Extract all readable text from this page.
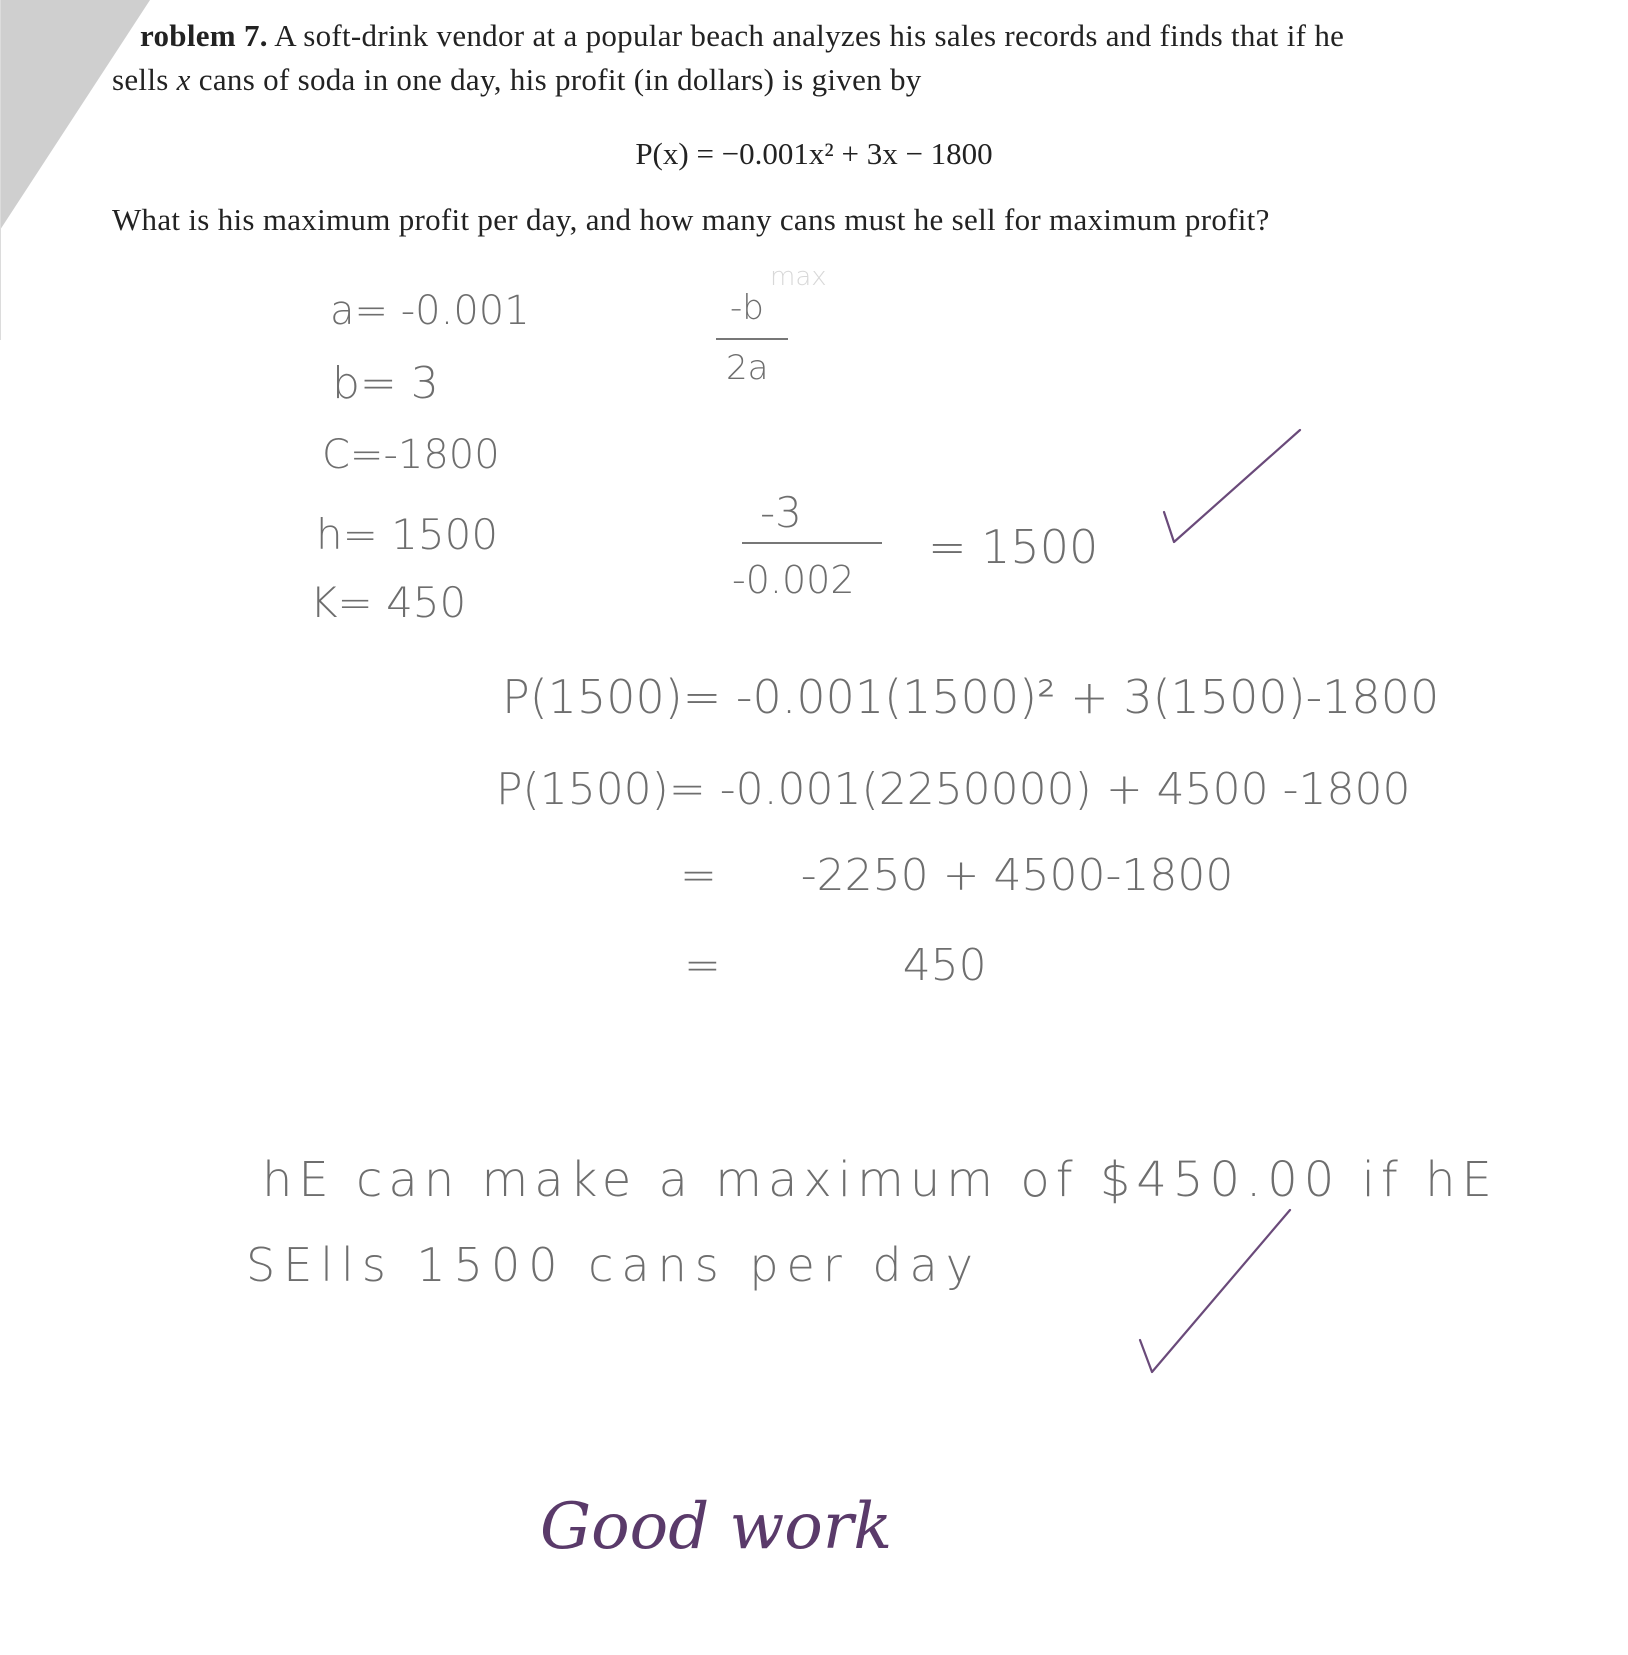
roblem 7. A soft-drink vendor at a popular beach analyzes his sales records and finds that if he
sells x cans of soda in one day, his profit (in dollars) is given by
P(x) = −0.001x² + 3x − 1800
What is his maximum profit per day, and how many cans must he sell for maximum profit?
a= -0.001
b= 3
C=-1800
h= 1500
K= 450
-b
max
2a
-3
-0.002
= 1500
P(1500)= -0.001(1500)² + 3(1500)-1800
P(1500)= -0.001(2250000) + 4500 -1800
=      -2250 + 4500-1800
=             450
hE can make a maximum of $450.00 if hE
SElls 1500 cans per day
Good work
